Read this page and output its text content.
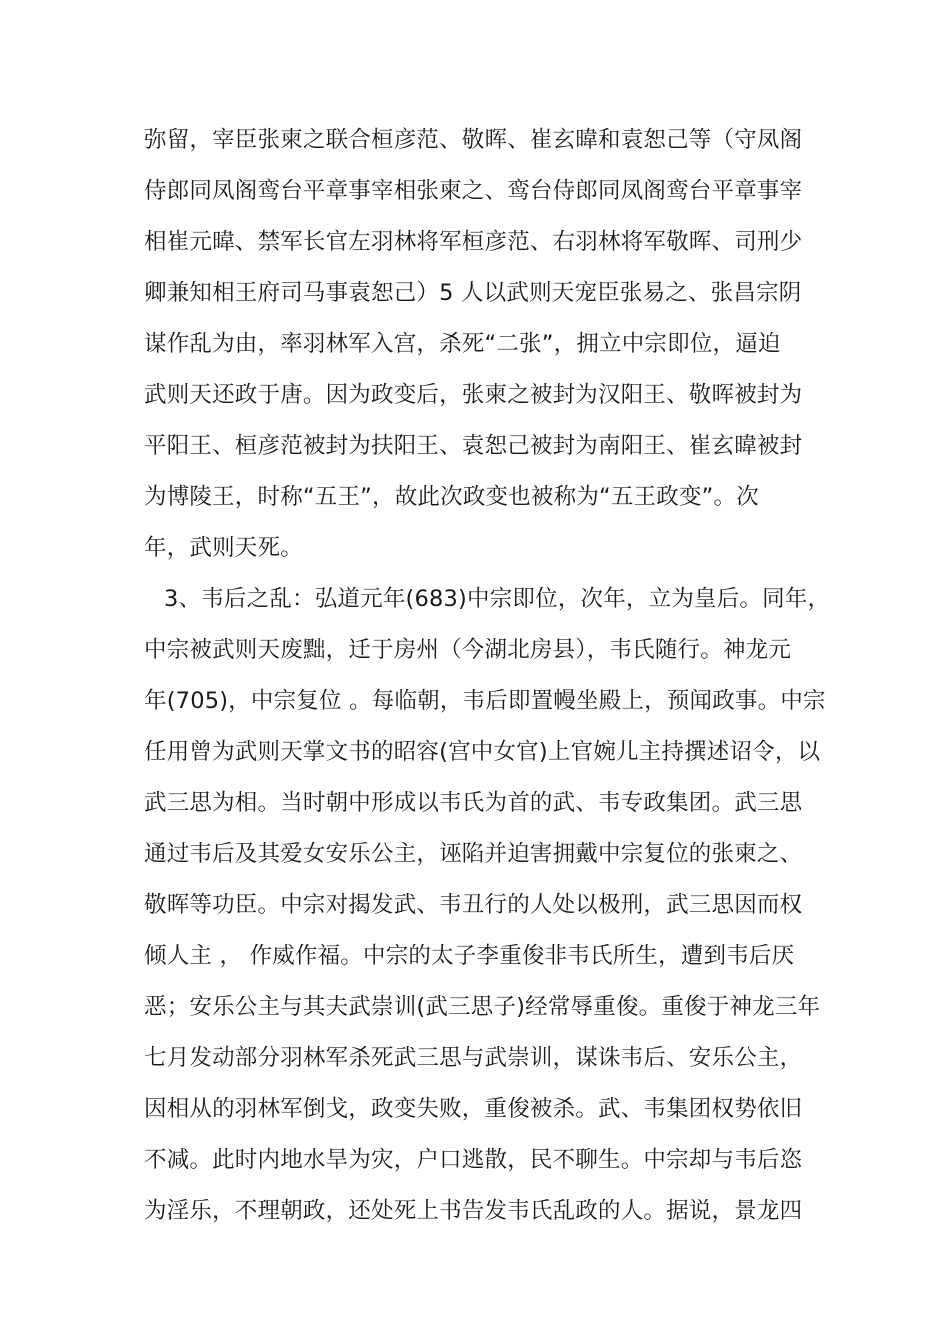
弥留，宰臣张柬之联合桓彦范、敬晖、崔玄暐和袁恕己等（守凤阁
侍郎同凤阁鸾台平章事宰相张柬之、鸾台侍郎同凤阁鸾台平章事宰
相崔元暐、禁军长官左羽林将军桓彦范、右羽林将军敬晖、司刑少
卿兼知相王府司马事袁恕己）5 人以武则天宠臣张易之、张昌宗阴
谋作乱为由，率羽林军入宫，杀死“二张”，拥立中宗即位，逼迫
武则天还政于唐。因为政变后，张柬之被封为汉阳王、敬晖被封为
平阳王、桓彦范被封为扶阳王、袁恕己被封为南阳王、崔玄暐被封
为博陵王，时称“五王”，故此次政变也被称为“五王政变”。次
年，武则天死。
3、韦后之乱：弘道元年(683)中宗即位，次年，立为皇后。同年，
中宗被武则天废黜，迁于房州（今湖北房县），韦氏随行。神龙元
年(705)，中宗复位 。每临朝，韦后即置幔坐殿上，预闻政事。中宗
任用曾为武则天掌文书的昭容(宫中女官)上官婉儿主持撰述诏令，以
武三思为相。当时朝中形成以韦氏为首的武、韦专政集团。武三思
通过韦后及其爱女安乐公主，诬陷并迫害拥戴中宗复位的张柬之、
敬晖等功臣。中宗对揭发武、韦丑行的人处以极刑，武三思因而权
倾人主 ， 作威作福。中宗的太子李重俊非韦氏所生，遭到韦后厌
恶；安乐公主与其夫武崇训(武三思子)经常辱重俊。重俊于神龙三年
七月发动部分羽林军杀死武三思与武崇训，谋诛韦后、安乐公主，
因相从的羽林军倒戈，政变失败，重俊被杀。武、韦集团权势依旧
不减。此时内地水旱为灾，户口逃散，民不聊生。中宗却与韦后恣
为淫乐，不理朝政，还处死上书告发韦氏乱政的人。据说，景龙四
